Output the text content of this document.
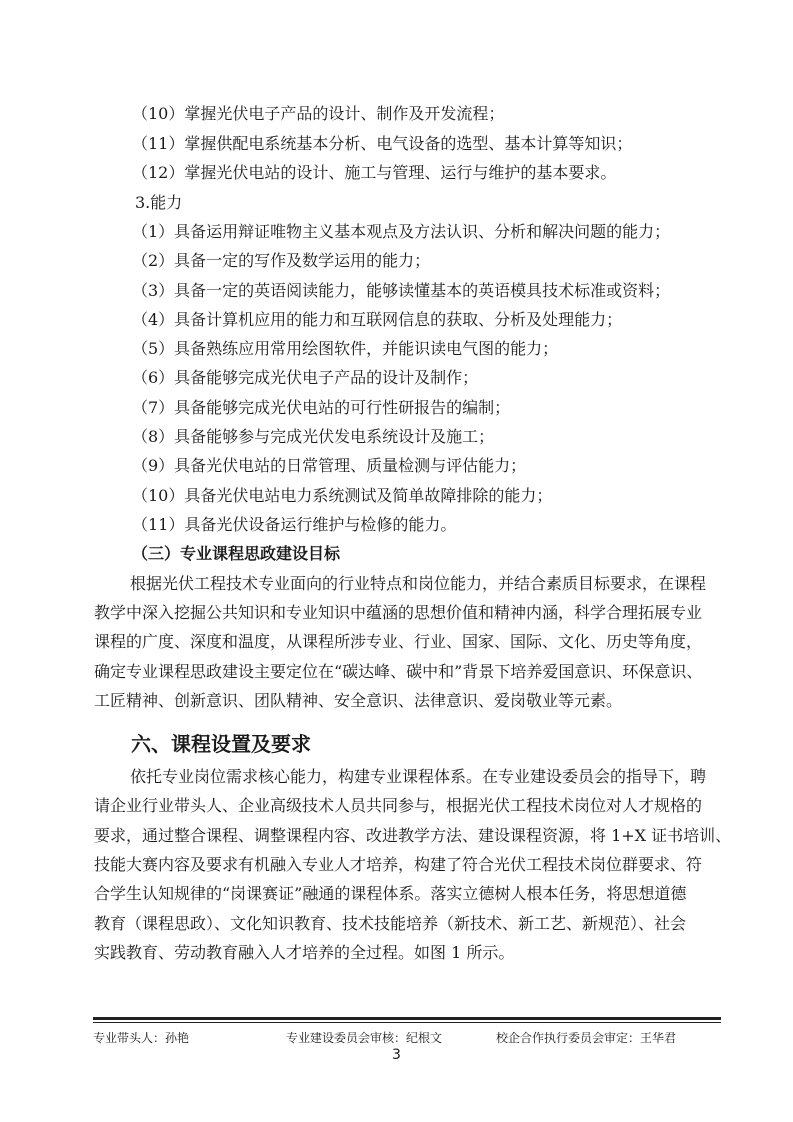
（10）掌握光伏电子产品的设计、制作及开发流程；
（11）掌握供配电系统基本分析、电气设备的选型、基本计算等知识；
（12）掌握光伏电站的设计、施工与管理、运行与维护的基本要求。
3.能力
（1）具备运用辩证唯物主义基本观点及方法认识、分析和解决问题的能力；
（2）具备一定的写作及数学运用的能力；
（3）具备一定的英语阅读能力，能够读懂基本的英语模具技术标准或资料；
（4）具备计算机应用的能力和互联网信息的获取、分析及处理能力；
（5）具备熟练应用常用绘图软件，并能识读电气图的能力；
（6）具备能够完成光伏电子产品的设计及制作；
（7）具备能够完成光伏电站的可行性研报告的编制；
（8）具备能够参与完成光伏发电系统设计及施工；
（9）具备光伏电站的日常管理、质量检测与评估能力；
（10）具备光伏电站电力系统测试及简单故障排除的能力；
（11）具备光伏设备运行维护与检修的能力。
（三）专业课程思政建设目标
根据光伏工程技术专业面向的行业特点和岗位能力，并结合素质目标要求，在课程
教学中深入挖掘公共知识和专业知识中蕴涵的思想价值和精神内涵，科学合理拓展专业
课程的广度、深度和温度，从课程所涉专业、行业、国家、国际、文化、历史等角度，
确定专业课程思政建设主要定位在“碳达峰、碳中和”背景下培养爱国意识、环保意识、
工匠精神、创新意识、团队精神、安全意识、法律意识、爱岗敬业等元素。
六、课程设置及要求
依托专业岗位需求核心能力，构建专业课程体系。在专业建设委员会的指导下，聘
请企业行业带头人、企业高级技术人员共同参与，根据光伏工程技术岗位对人才规格的
要求，通过整合课程、调整课程内容、改进教学方法、建设课程资源，将 1+X 证书培训、
技能大赛内容及要求有机融入专业人才培养，构建了符合光伏工程技术岗位群要求、符
合学生认知规律的“岗课赛证”融通的课程体系。落实立德树人根本任务，将思想道德
教育（课程思政）、文化知识教育、技术技能培养（新技术、新工艺、新规范）、社会
实践教育、劳动教育融入人才培养的全过程。如图 1 所示。
专业带头人：孙艳	专业建设委员会审核：纪根文	校企合作执行委员会审定：王华君
3
